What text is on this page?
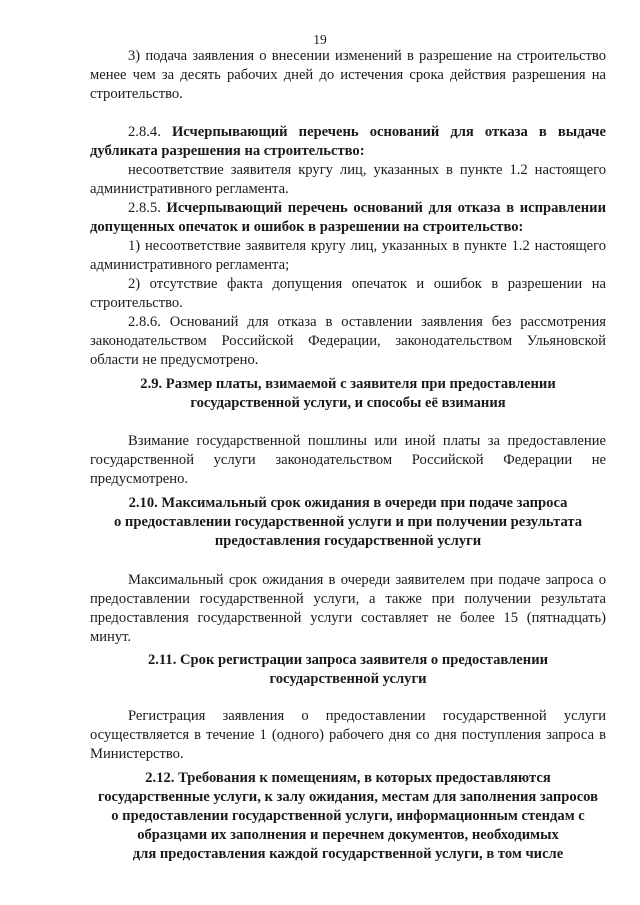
19

3) подача заявления о внесении изменений в разрешение на строительство менее чем за десять рабочих дней до истечения срока действия разрешения на строительство.

2.8.4. Исчерпывающий перечень оснований для отказа в выдаче дубликата разрешения на строительство:

несоответствие заявителя кругу лиц, указанных в пункте 1.2 настоящего административного регламента.

2.8.5. Исчерпывающий перечень оснований для отказа в исправлении допущенных опечаток и ошибок в разрешении на строительство:

1) несоответствие заявителя кругу лиц, указанных в пункте 1.2 настоящего административного регламента;

2) отсутствие факта допущения опечаток и ошибок в разрешении на строительство.

2.8.6. Оснований для отказа в оставлении заявления без рассмотрения законодательством Российской Федерации, законодательством Ульяновской области не предусмотрено.

2.9. Размер платы, взимаемой с заявителя при предоставлении
государственной услуги, и способы её взимания

Взимание государственной пошлины или иной платы за предоставление государственной услуги законодательством Российской Федерации не предусмотрено.

2.10. Максимальный срок ожидания в очереди при подаче запроса
о предоставлении государственной услуги и при получении результата
предоставления государственной услуги

Максимальный срок ожидания в очереди заявителем при подаче запроса о предоставлении государственной услуги, а также при получении результата предоставления государственной услуги составляет не более 15 (пятнадцать) минут.

2.11. Срок регистрации запроса заявителя о предоставлении
государственной услуги

Регистрация заявления о предоставлении государственной услуги осуществляется в течение 1 (одного) рабочего дня со дня поступления запроса в Министерство.

2.12. Требования к помещениям, в которых предоставляются
государственные услуги, к залу ожидания, местам для заполнения запросов
о предоставлении государственной услуги, информационным стендам с
образцами их заполнения и перечнем документов, необходимых
для предоставления каждой государственной услуги, в том числе
